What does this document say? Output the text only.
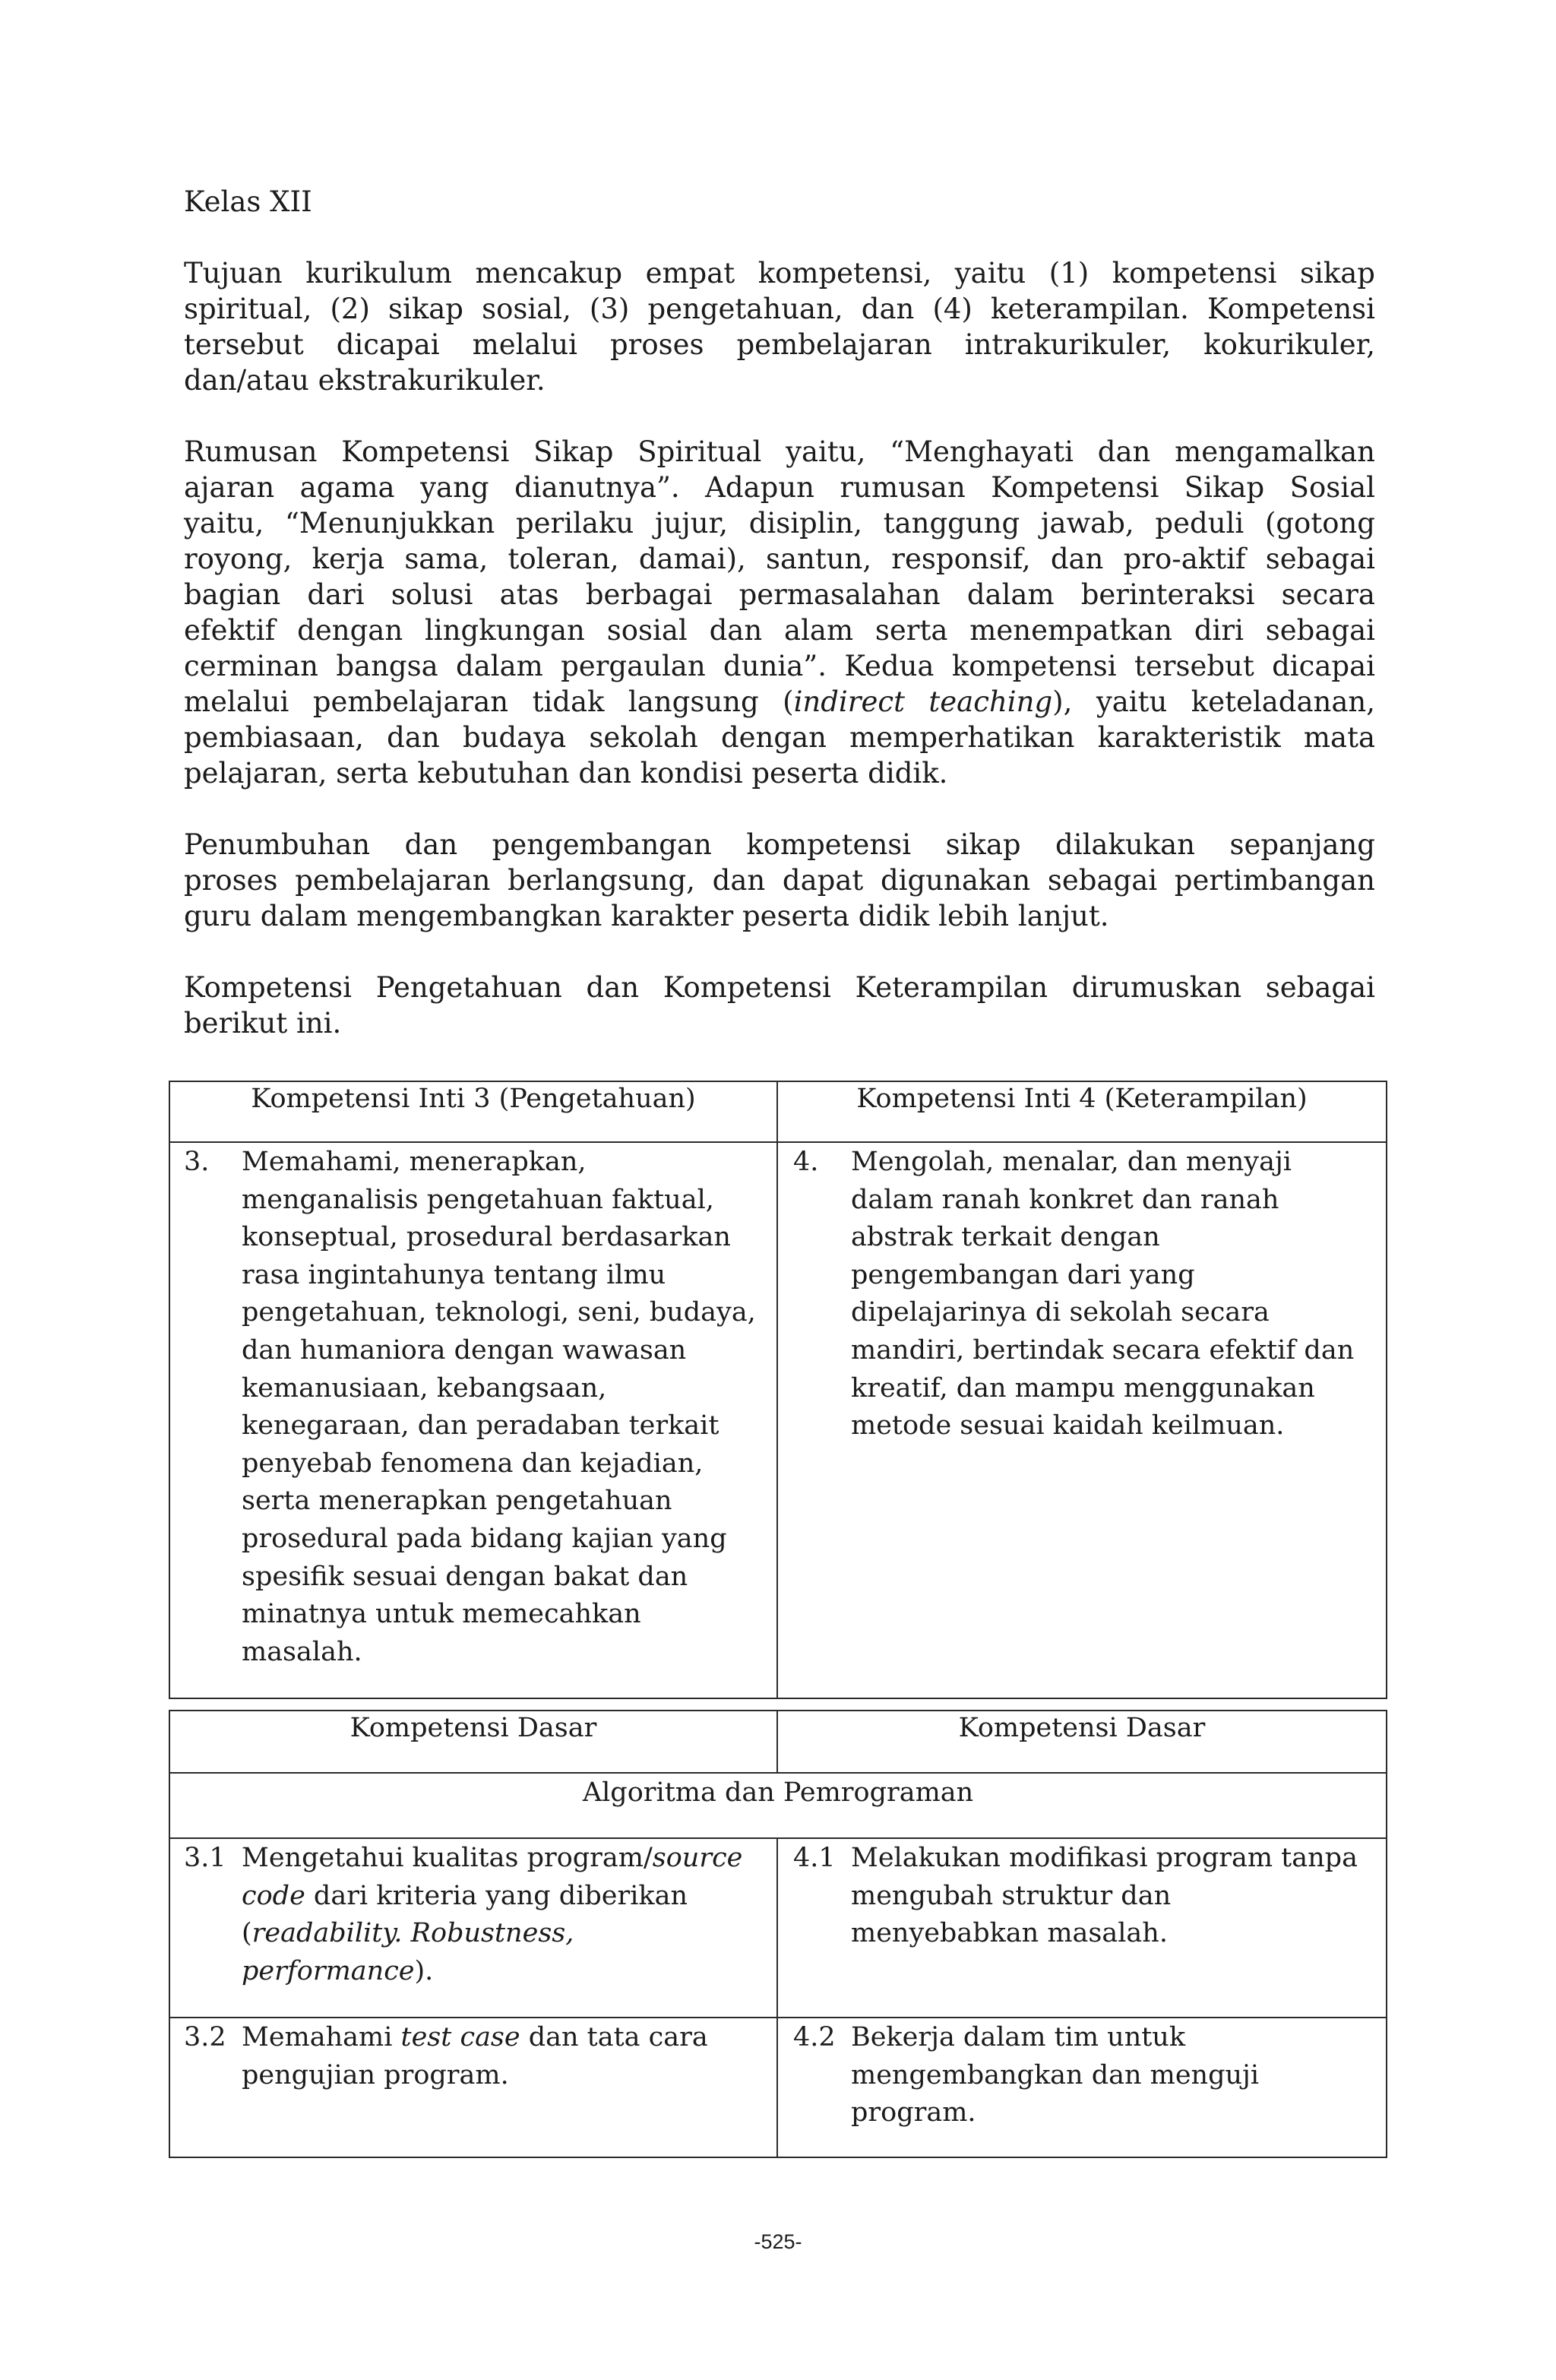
Kelas XII
Tujuan kurikulum mencakup empat kompetensi, yaitu (1) kompetensi sikap
spiritual, (2) sikap sosial, (3) pengetahuan, dan (4) keterampilan. Kompetensi
tersebut dicapai melalui proses pembelajaran intrakurikuler, kokurikuler,
dan/atau ekstrakurikuler.
Rumusan Kompetensi Sikap Spiritual yaitu, “Menghayati dan mengamalkan
ajaran agama yang dianutnya”. Adapun rumusan Kompetensi Sikap Sosial
yaitu, “Menunjukkan perilaku jujur, disiplin, tanggung jawab, peduli (gotong
royong, kerja sama, toleran, damai), santun, responsif, dan pro-aktif sebagai
bagian dari solusi atas berbagai permasalahan dalam berinteraksi secara
efektif dengan lingkungan sosial dan alam serta menempatkan diri sebagai
cerminan bangsa dalam pergaulan dunia”. Kedua kompetensi tersebut dicapai
melalui pembelajaran tidak langsung (indirect teaching), yaitu keteladanan,
pembiasaan, dan budaya sekolah dengan memperhatikan karakteristik mata
pelajaran, serta kebutuhan dan kondisi peserta didik.
Penumbuhan dan pengembangan kompetensi sikap dilakukan sepanjang
proses pembelajaran berlangsung, dan dapat digunakan sebagai pertimbangan
guru dalam mengembangkan karakter peserta didik lebih lanjut.
Kompetensi Pengetahuan dan Kompetensi Keterampilan dirumuskan sebagai
berikut ini.
Kompetensi Inti 3 (Pengetahuan)	Kompetensi Inti 4 (Keterampilan)
3. Memahami, menerapkan,
menganalisis pengetahuan faktual,
konseptual, prosedural berdasarkan
rasa ingintahunya tentang ilmu
pengetahuan, teknologi, seni, budaya,
dan humaniora dengan wawasan
kemanusiaan, kebangsaan,
kenegaraan, dan peradaban terkait
penyebab fenomena dan kejadian,
serta menerapkan pengetahuan
prosedural pada bidang kajian yang
spesifik sesuai dengan bakat dan
minatnya untuk memecahkan
masalah.
4. Mengolah, menalar, dan menyaji
dalam ranah konkret dan ranah
abstrak terkait dengan
pengembangan dari yang
dipelajarinya di sekolah secara
mandiri, bertindak secara efektif dan
kreatif, dan mampu menggunakan
metode sesuai kaidah keilmuan.
Kompetensi Dasar	Kompetensi Dasar
Algoritma dan Pemrograman
3.1 Mengetahui kualitas program/source
code dari kriteria yang diberikan
(readability. Robustness,
performance).
4.1 Melakukan modifikasi program tanpa
mengubah struktur dan
menyebabkan masalah.
3.2 Memahami test case dan tata cara
pengujian program.
4.2 Bekerja dalam tim untuk
mengembangkan dan menguji
program.
-525-
